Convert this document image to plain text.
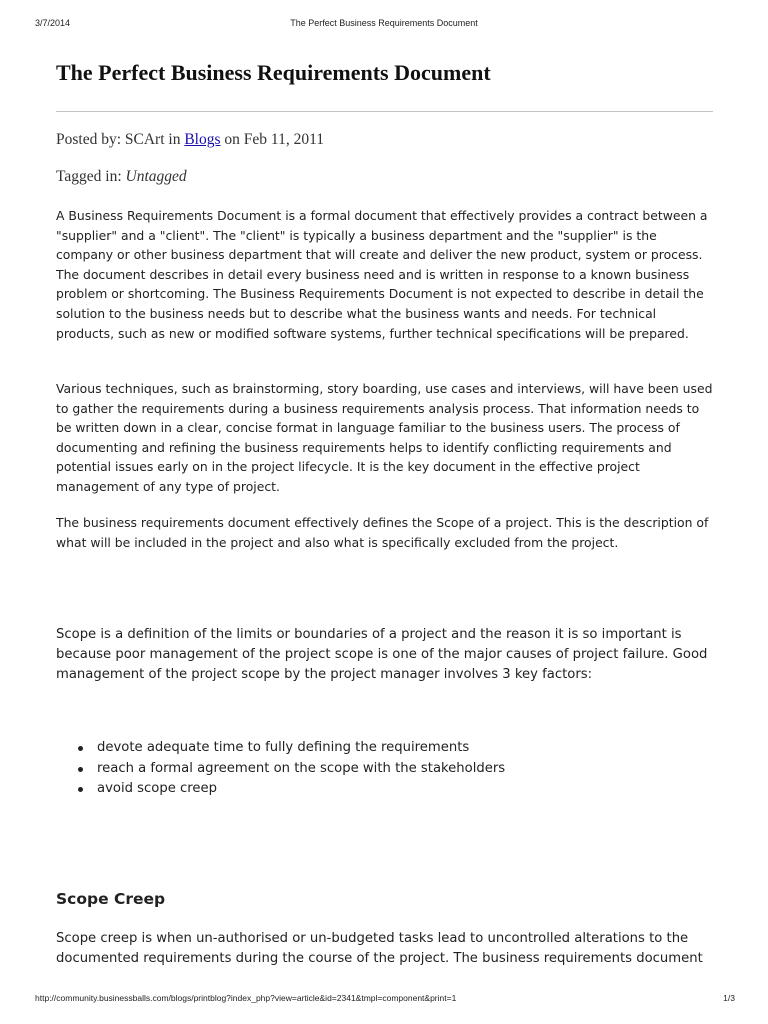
3/7/2014	The Perfect Business Requirements Document
The Perfect Business Requirements Document

Posted by: SCArt in Blogs on Feb 11, 2011

Tagged in: Untagged

A Business Requirements Document is a formal document that effectively provides a contract between a "supplier" and a "client". The "client" is typically a business department and the "supplier" is the company or other business department that will create and deliver the new product, system or process. The document describes in detail every business need and is written in response to a known business problem or shortcoming. The Business Requirements Document is not expected to describe in detail the solution to the business needs but to describe what the business wants and needs. For technical products, such as new or modified software systems, further technical specifications will be prepared.

Various techniques, such as brainstorming, story boarding, use cases and interviews, will have been used to gather the requirements during a business requirements analysis process. That information needs to be written down in a clear, concise format in language familiar to the business users. The process of documenting and refining the business requirements helps to identify conflicting requirements and potential issues early on in the project lifecycle. It is the key document in the effective project management of any type of project.

The business requirements document effectively defines the Scope of a project. This is the description of what will be included in the project and also what is specifically excluded from the project.

Scope is a definition of the limits or boundaries of a project and the reason it is so important is because poor management of the project scope is one of the major causes of project failure. Good management of the project scope by the project manager involves 3 key factors:

devote adequate time to fully defining the requirements
reach a formal agreement on the scope with the stakeholders
avoid scope creep
Scope Creep

Scope creep is when un-authorised or un-budgeted tasks lead to uncontrolled alterations to the documented requirements during the course of the project. The business requirements document

http://community.businessballs.com/blogs/printblog?index_php?view=article&id=2341&tmpl=component&print=1	1/3
